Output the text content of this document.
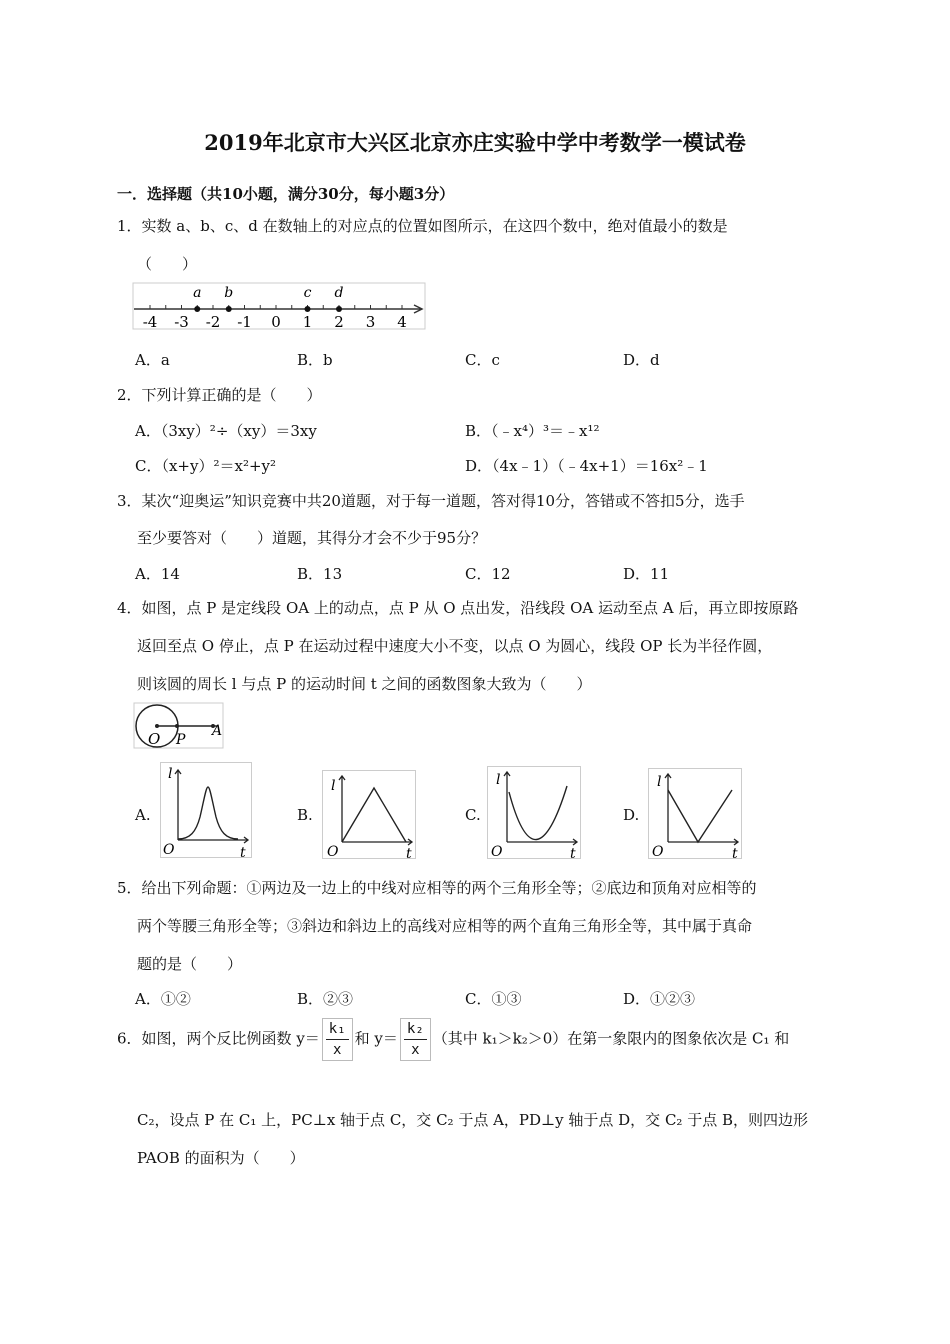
2019年北京市大兴区北京亦庄实验中学中考数学一模试卷
一．选择题（共10小题，满分30分，每小题3分）
1．实数 a、b、c、d 在数轴上的对应点的位置如图所示，在这四个数中，绝对值最小的数是
（　　）
-4 -3 -2 -1 0 1 2 3 4
a b	c d
A．a	B．b	C．c	D．d
2．下列计算正确的是（　　）
A．（3xy）²÷（xy）＝3xy	B．（﹣x⁴）³＝﹣x¹²
C．（x+y）²＝x²+y²	D．（4x﹣1）（﹣4x+1）＝16x²﹣1
3．某次“迎奥运”知识竞赛中共20道题，对于每一道题，答对得10分，答错或不答扣5分，选手
至少要答对（　　）道题，其得分才会不少于95分？
A．14	B．13	C．12	D．11
4．如图，点 P 是定线段 OA 上的动点，点 P 从 O 点出发，沿线段 OA 运动至点 A 后，再立即按原路
返回至点 O 停止，点 P 在运动过程中速度大小不变，以点 O 为圆心，线段 OP 长为半径作圆，
则该圆的周长 l 与点 P 的运动时间 t 之间的函数图象大致为（　　）
O P
A
A.	B.	C.	D.
l
t
O
l
t
O
l
t
O
l
t
O
5．给出下列命题：①两边及一边上的中线对应相等的两个三角形全等；②底边和顶角对应相等的
两个等腰三角形全等；③斜边和斜边上的高线对应相等的两个直角三角形全等，其中属于真命
题的是（　　）
A．①②	B．②③	C．①③	D．①②③
6．如图，两个反比例函数 $y= \frac{\text{k₁}}{x}$ 和 $y= \frac{\text{k₂}}{x}$ （其中 k₁＞k₂＞0）在第一象限内的图象依次是 C₁ 和
C₂，设点 P 在 C₁ 上，PC⊥x 轴于点 C，交 C₂ 于点 A，PD⊥y 轴于点 D，交 C₂ 于点 B，则四边形
PAOB 的面积为（　　）
